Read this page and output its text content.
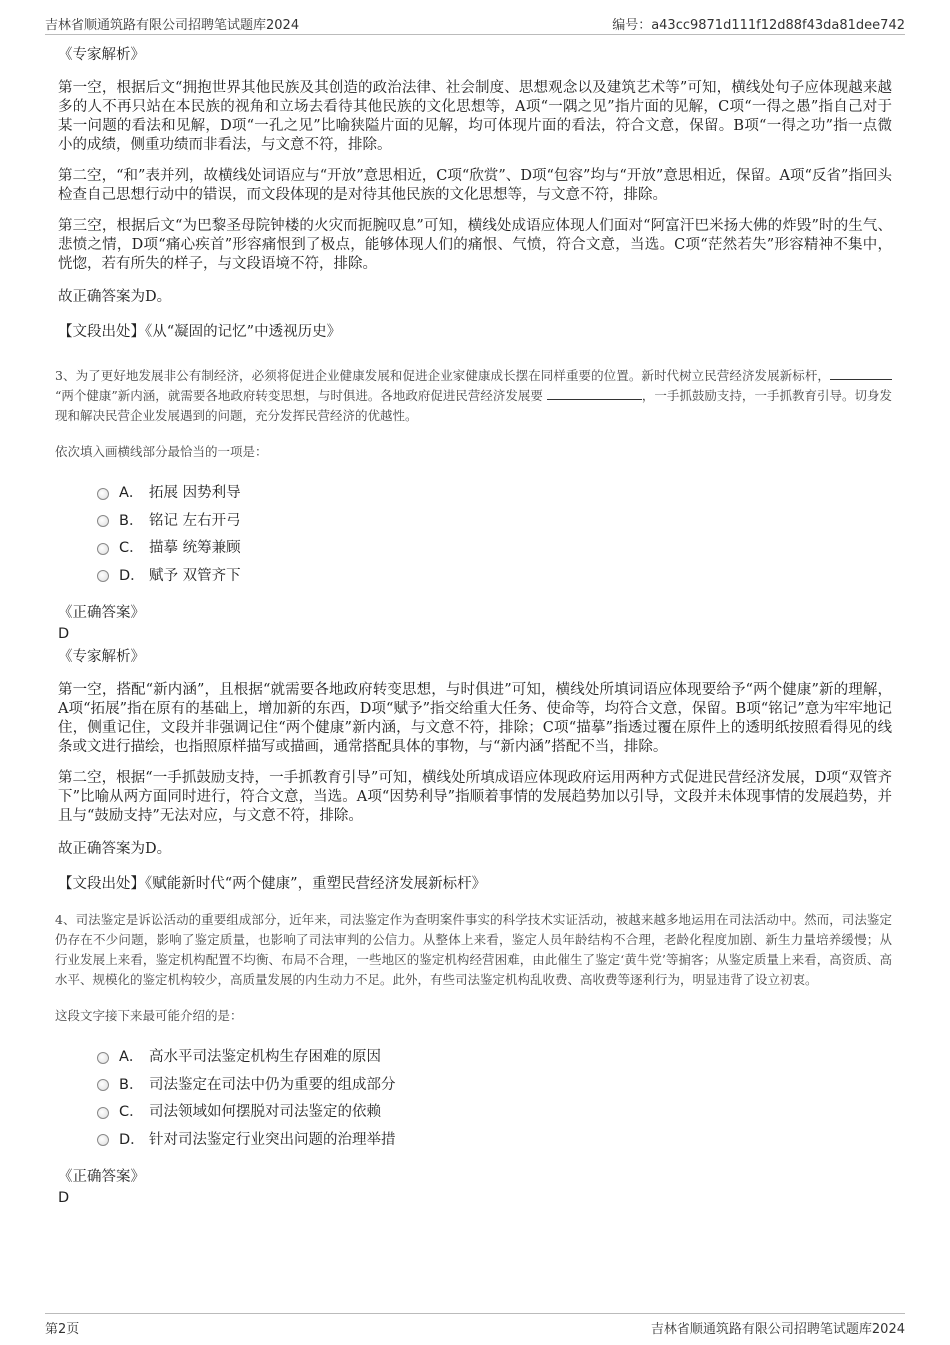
吉林省顺通筑路有限公司招聘笔试题库2024	编号：a43cc9871d111f12d88f43da81dee742
《专家解析》

第一空，根据后文“拥抱世界其他民族及其创造的政治法律、社会制度、思想观念以及建筑艺术等”可知，横线处句子应体现越来越多的人不再只站在本民族的视角和立场去看待其他民族的文化思想等，A项“一隅之见”指片面的见解，C项“一得之愚”指自己对于某一问题的看法和见解，D项“一孔之见”比喻狭隘片面的见解，均可体现片面的看法，符合文意，保留。B项“一得之功”指一点微小的成绩，侧重功绩而非看法，与文意不符，排除。

第二空，“和”表并列，故横线处词语应与“开放”意思相近，C项“欣赏”、D项“包容”均与“开放”意思相近，保留。A项“反省”指回头检查自己思想行动中的错误，而文段体现的是对待其他民族的文化思想等，与文意不符，排除。

第三空，根据后文“为巴黎圣母院钟楼的火灾而扼腕叹息”可知，横线处成语应体现人们面对“阿富汗巴米扬大佛的炸毁”时的生气、悲愤之情，D项“痛心疾首”形容痛恨到了极点，能够体现人们的痛恨、气愤，符合文意，当选。C项“茫然若失”形容精神不集中，恍惚，若有所失的样子，与文段语境不符，排除。

故正确答案为D。

【文段出处】《从“凝固的记忆”中透视历史》

3、为了更好地发展非公有制经济，必须将促进企业健康发展和促进企业家健康成长摆在同样重要的位置。新时代树立民营经济发展新标杆，“两个健康”新内涵，就需要各地政府转变思想，与时俱进。各地政府促进民营经济发展要	，一手抓鼓励支持，一手抓教育引导。切身发现和解决民营企业发展遇到的问题，充分发挥民营经济的优越性。

依次填入画横线部分最恰当的一项是：

A． 拓展 因势利导
B． 铭记 左右开弓
C． 描摹 统筹兼顾
D． 赋予 双管齐下
《正确答案》
D
《专家解析》

第一空，搭配“新内涵”，且根据“就需要各地政府转变思想，与时俱进”可知，横线处所填词语应体现要给予“两个健康”新的理解，A项“拓展”指在原有的基础上，增加新的东西，D项“赋予”指交给重大任务、使命等，均符合文意，保留。B项“铭记”意为牢牢地记住，侧重记住，文段并非强调记住“两个健康”新内涵，与文意不符，排除；C项“描摹”指透过覆在原件上的透明纸按照看得见的线条或文进行描绘，也指照原样描写或描画，通常搭配具体的事物，与“新内涵”搭配不当，排除。

第二空，根据“一手抓鼓励支持，一手抓教育引导”可知，横线处所填成语应体现政府运用两种方式促进民营经济发展，D项“双管齐下”比喻从两方面同时进行，符合文意，当选。A项“因势利导”指顺着事情的发展趋势加以引导，文段并未体现事情的发展趋势，并且与“鼓励支持”无法对应，与文意不符，排除。

故正确答案为D。

【文段出处】《赋能新时代“两个健康”，重塑民营经济发展新标杆》

4、司法鉴定是诉讼活动的重要组成部分，近年来，司法鉴定作为查明案件事实的科学技术实证活动，被越来越多地运用在司法活动中。然而，司法鉴定仍存在不少问题，影响了鉴定质量，也影响了司法审判的公信力。从整体上来看，鉴定人员年龄结构不合理，老龄化程度加剧、新生力量培养缓慢；从行业发展上来看，鉴定机构配置不均衡、布局不合理，一些地区的鉴定机构经营困难，由此催生了鉴定‘黄牛党’等掮客；从鉴定质量上来看，高资质、高水平、规模化的鉴定机构较少，高质量发展的内生动力不足。此外，有些司法鉴定机构乱收费、高收费等逐利行为，明显违背了设立初衷。

这段文字接下来最可能介绍的是：

A． 高水平司法鉴定机构生存困难的原因
B． 司法鉴定在司法中仍为重要的组成部分
C． 司法领域如何摆脱对司法鉴定的依赖
D． 针对司法鉴定行业突出问题的治理举措
《正确答案》
D
第2页	吉林省顺通筑路有限公司招聘笔试题库2024
